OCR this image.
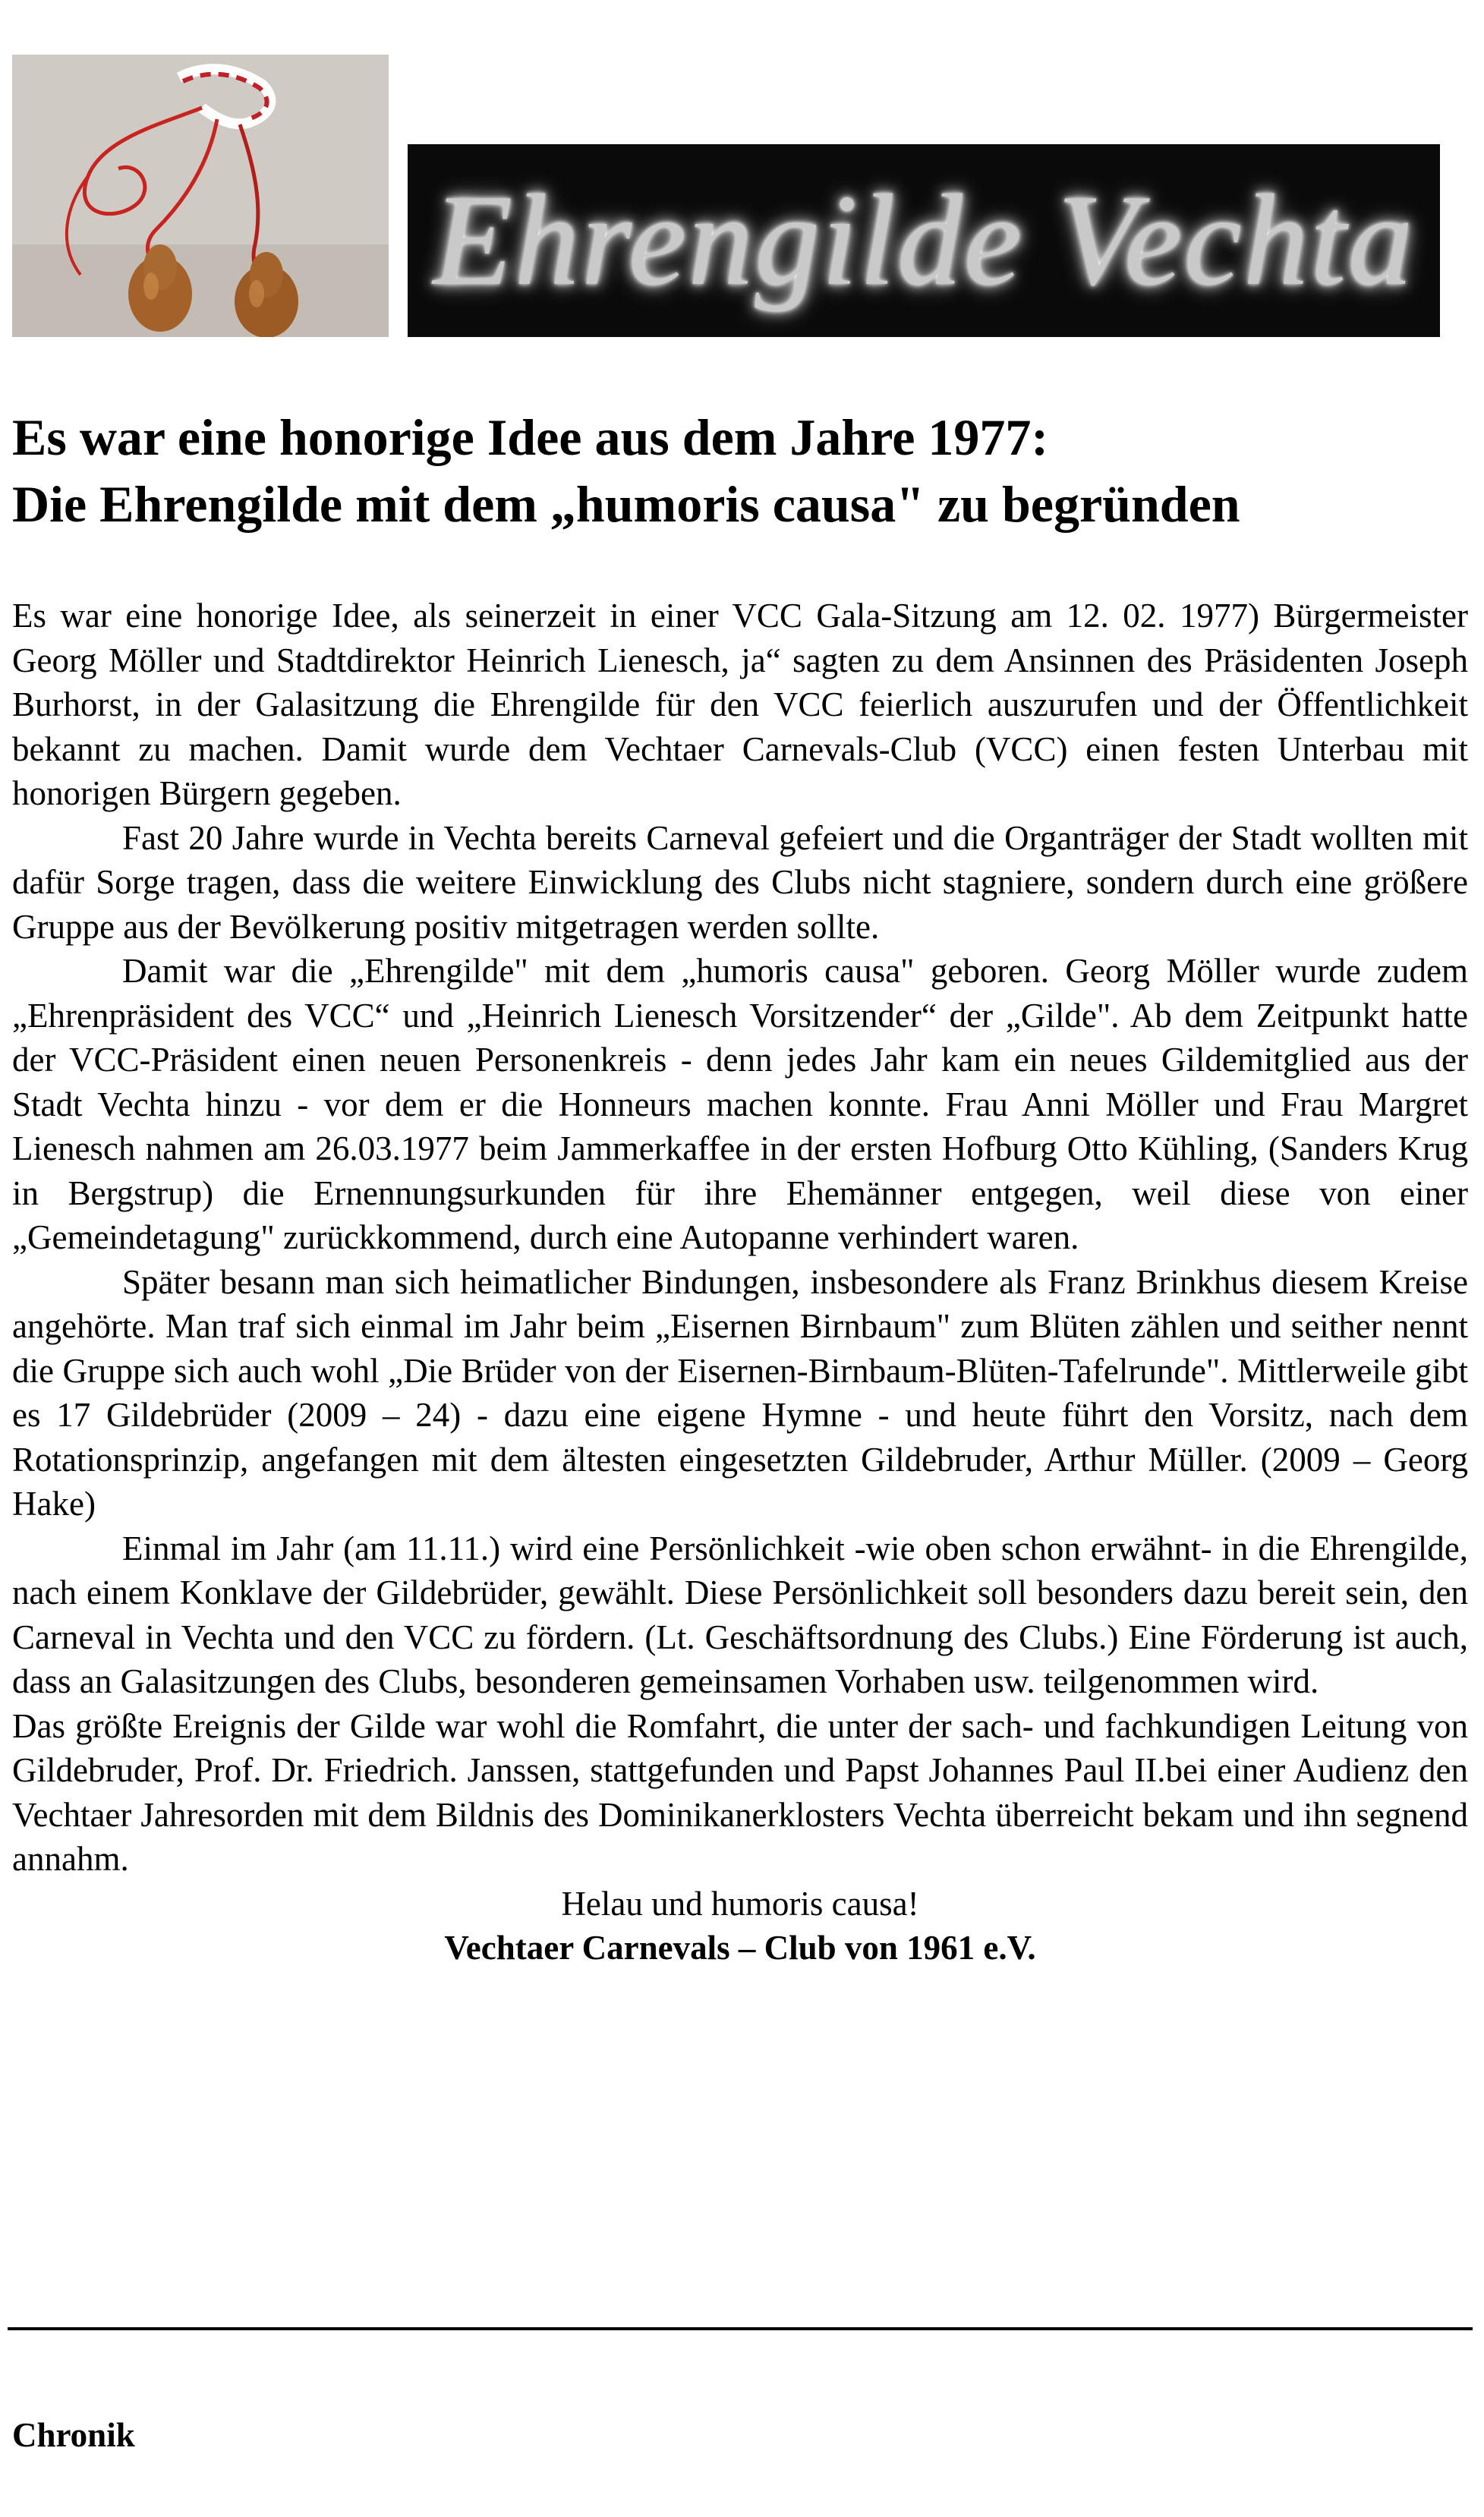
Ehrengilde Vechta
Es war eine honorige Idee aus dem Jahre 1977:
Die Ehrengilde mit dem „humoris causa" zu begründen

Es war eine honorige Idee, als seinerzeit in einer VCC Gala-Sitzung am 12. 02. 1977) Bürgermeister Georg Möller und Stadtdirektor Heinrich Lienesch, ja“ sagten zu dem Ansinnen des Präsidenten Joseph Burhorst, in der Galasitzung die Ehrengilde für den VCC feierlich auszurufen und der Öffentlichkeit bekannt zu machen. Damit wurde dem Vechtaer Carnevals-Club (VCC) einen festen Unterbau mit honorigen Bürgern gegeben.

Fast 20 Jahre wurde in Vechta bereits Carneval gefeiert und die Organträger der Stadt wollten mit dafür Sorge tragen, dass die weitere Einwicklung des Clubs nicht stagniere, sondern durch eine größere Gruppe aus der Bevölkerung positiv mitgetragen werden sollte.

Damit war die „Ehrengilde" mit dem „humoris causa" geboren. Georg Möller wurde zudem „Ehrenpräsident des VCC“ und „Heinrich Lienesch Vorsitzender“ der „Gilde". Ab dem Zeitpunkt hatte der VCC-Präsident einen neuen Personenkreis - denn jedes Jahr kam ein neues Gildemitglied aus der Stadt Vechta hinzu - vor dem er die Honneurs machen konnte. Frau Anni Möller und Frau Margret Lienesch nahmen am 26.03.1977 beim Jammerkaffee in der ersten Hofburg Otto Kühling, (Sanders Krug in Bergstrup) die Ernennungsurkunden für ihre Ehemänner entgegen, weil diese von einer „Gemeindetagung" zurückkommend, durch eine Autopanne verhindert waren.

Später besann man sich heimatlicher Bindungen, insbesondere als Franz Brinkhus diesem Kreise angehörte. Man traf sich einmal im Jahr beim „Eisernen Birnbaum" zum Blüten zählen und seither nennt die Gruppe sich auch wohl „Die Brüder von der Eisernen-Birnbaum-Blüten-Tafelrunde". Mittlerweile gibt es 17 Gildebrüder (2009 – 24) - dazu eine eigene Hymne - und heute führt den Vorsitz, nach dem Rotationsprinzip, angefangen mit dem ältesten eingesetzten Gildebruder, Arthur Müller. (2009 – Georg Hake)

Einmal im Jahr (am 11.11.) wird eine Persönlichkeit -wie oben schon erwähnt- in die Ehrengilde, nach einem Konklave der Gildebrüder, gewählt. Diese Persönlichkeit soll besonders dazu bereit sein, den Carneval in Vechta und den VCC zu fördern. (Lt. Geschäftsordnung des Clubs.) Eine Förderung ist auch, dass an Galasitzungen des Clubs, besonderen gemeinsamen Vorhaben usw. teilgenommen wird.

Das größte Ereignis der Gilde war wohl die Romfahrt, die unter der sach- und fachkundigen Leitung von Gildebruder, Prof. Dr. Friedrich. Janssen, stattgefunden und Papst Johannes Paul II.bei einer Audienz den Vechtaer Jahresorden mit dem Bildnis des Dominikanerklosters Vechta überreicht bekam und ihn segnend annahm.

Helau und humoris causa!

Vechtaer Carnevals – Club von 1961 e.V.

Chronik
